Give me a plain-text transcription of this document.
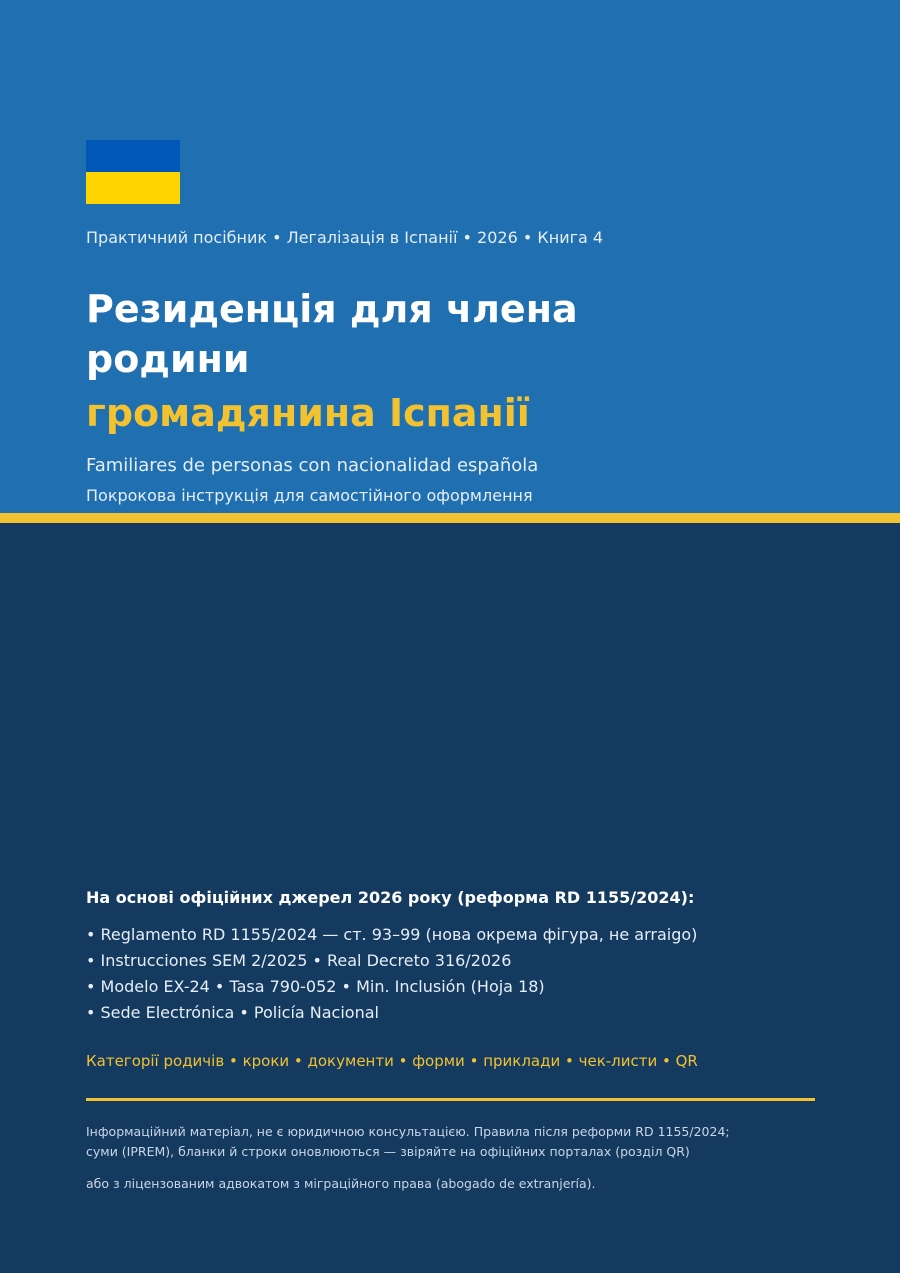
Практичний посібник • Легалізація в Іспанії • 2026 • Книга 4
Резиденція для члена
родини
громадянина Іспанії
Familiares de personas con nacionalidad española
Покрокова інструкція для самостійного оформлення
На основі офіційних джерел 2026 року (реформа RD 1155/2024):
• Reglamento RD 1155/2024 — ст. 93–99 (нова окрема фігура, не arraigo)
• Instrucciones SEM 2/2025 • Real Decreto 316/2026
• Modelo EX-24 • Tasa 790-052 • Min. Inclusión (Hoja 18)
• Sede Electrónica • Policía Nacional
Категорії родичів • кроки • документи • форми • приклади • чек-листи • QR
Інформаційний матеріал, не є юридичною консультацією. Правила після реформи RD 1155/2024;
суми (IPREM), бланки й строки оновлюються — звіряйте на офіційних порталах (розділ QR)
або з ліцензованим адвокатом з міграційного права (abogado de extranjería).
